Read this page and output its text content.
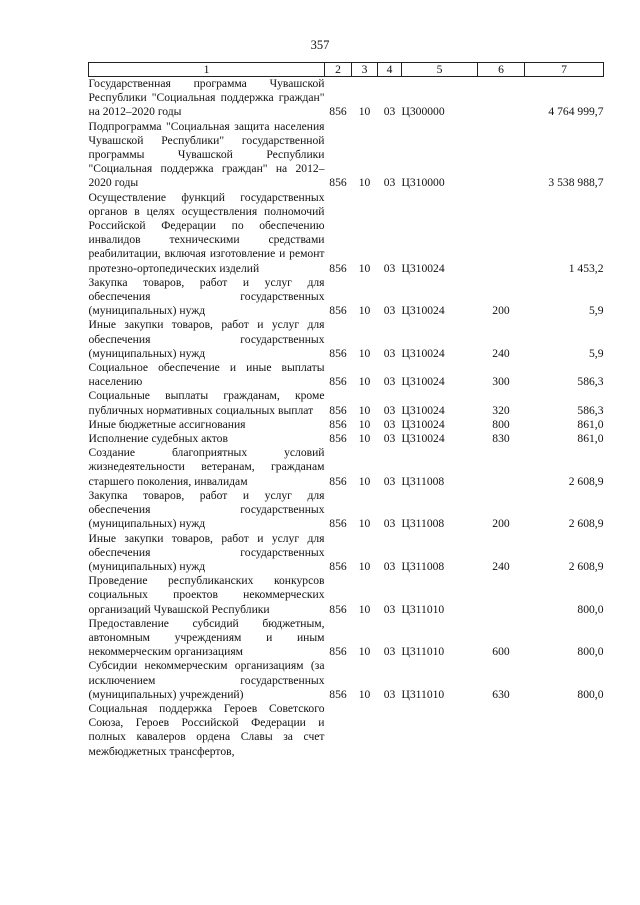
357
1	2	3	4	5	6	7
Государственная программа Чувашской Республики "Социальная поддержка граждан" на 2012–2020 годы	856	10	03	Ц300000		4 764 999,7
Подпрограмма "Социальная защита населения Чувашской Республики" государственной программы Чувашской Республики "Социальная поддержка граждан" на 2012–2020 годы	856	10	03	Ц310000		3 538 988,7
Осуществление функций государственных органов в целях осуществления полномочий Российской Федерации по обеспечению инвалидов техническими средствами реабилитации, включая изготовление и ремонт протезно-ортопедических изделий	856	10	03	Ц310024		1 453,2
Закупка товаров, работ и услуг для обеспечения государственных (муниципальных) нужд	856	10	03	Ц310024	200	5,9
Иные закупки товаров, работ и услуг для обеспечения государственных (муниципальных) нужд	856	10	03	Ц310024	240	5,9
Социальное обеспечение и иные выплаты населению	856	10	03	Ц310024	300	586,3
Социальные выплаты гражданам, кроме публичных нормативных социальных выплат	856	10	03	Ц310024	320	586,3
Иные бюджетные ассигнования	856	10	03	Ц310024	800	861,0
Исполнение судебных актов	856	10	03	Ц310024	830	861,0
Создание благоприятных условий жизнедеятельности ветеранам, гражданам старшего поколения, инвалидам	856	10	03	Ц311008		2 608,9
Закупка товаров, работ и услуг для обеспечения государственных (муниципальных) нужд	856	10	03	Ц311008	200	2 608,9
Иные закупки товаров, работ и услуг для обеспечения государственных (муниципальных) нужд	856	10	03	Ц311008	240	2 608,9
Проведение республиканских конкурсов социальных проектов некоммерческих организаций Чувашской Республики	856	10	03	Ц311010		800,0
Предоставление субсидий бюджетным, автономным учреждениям и иным некоммерческим организациям	856	10	03	Ц311010	600	800,0
Субсидии некоммерческим организациям (за исключением государственных (муниципальных) учреждений)	856	10	03	Ц311010	630	800,0
Социальная поддержка Героев Советского Союза, Героев Российской Федерации и полных кавалеров ордена Славы за счет межбюджетных трансфертов,						
